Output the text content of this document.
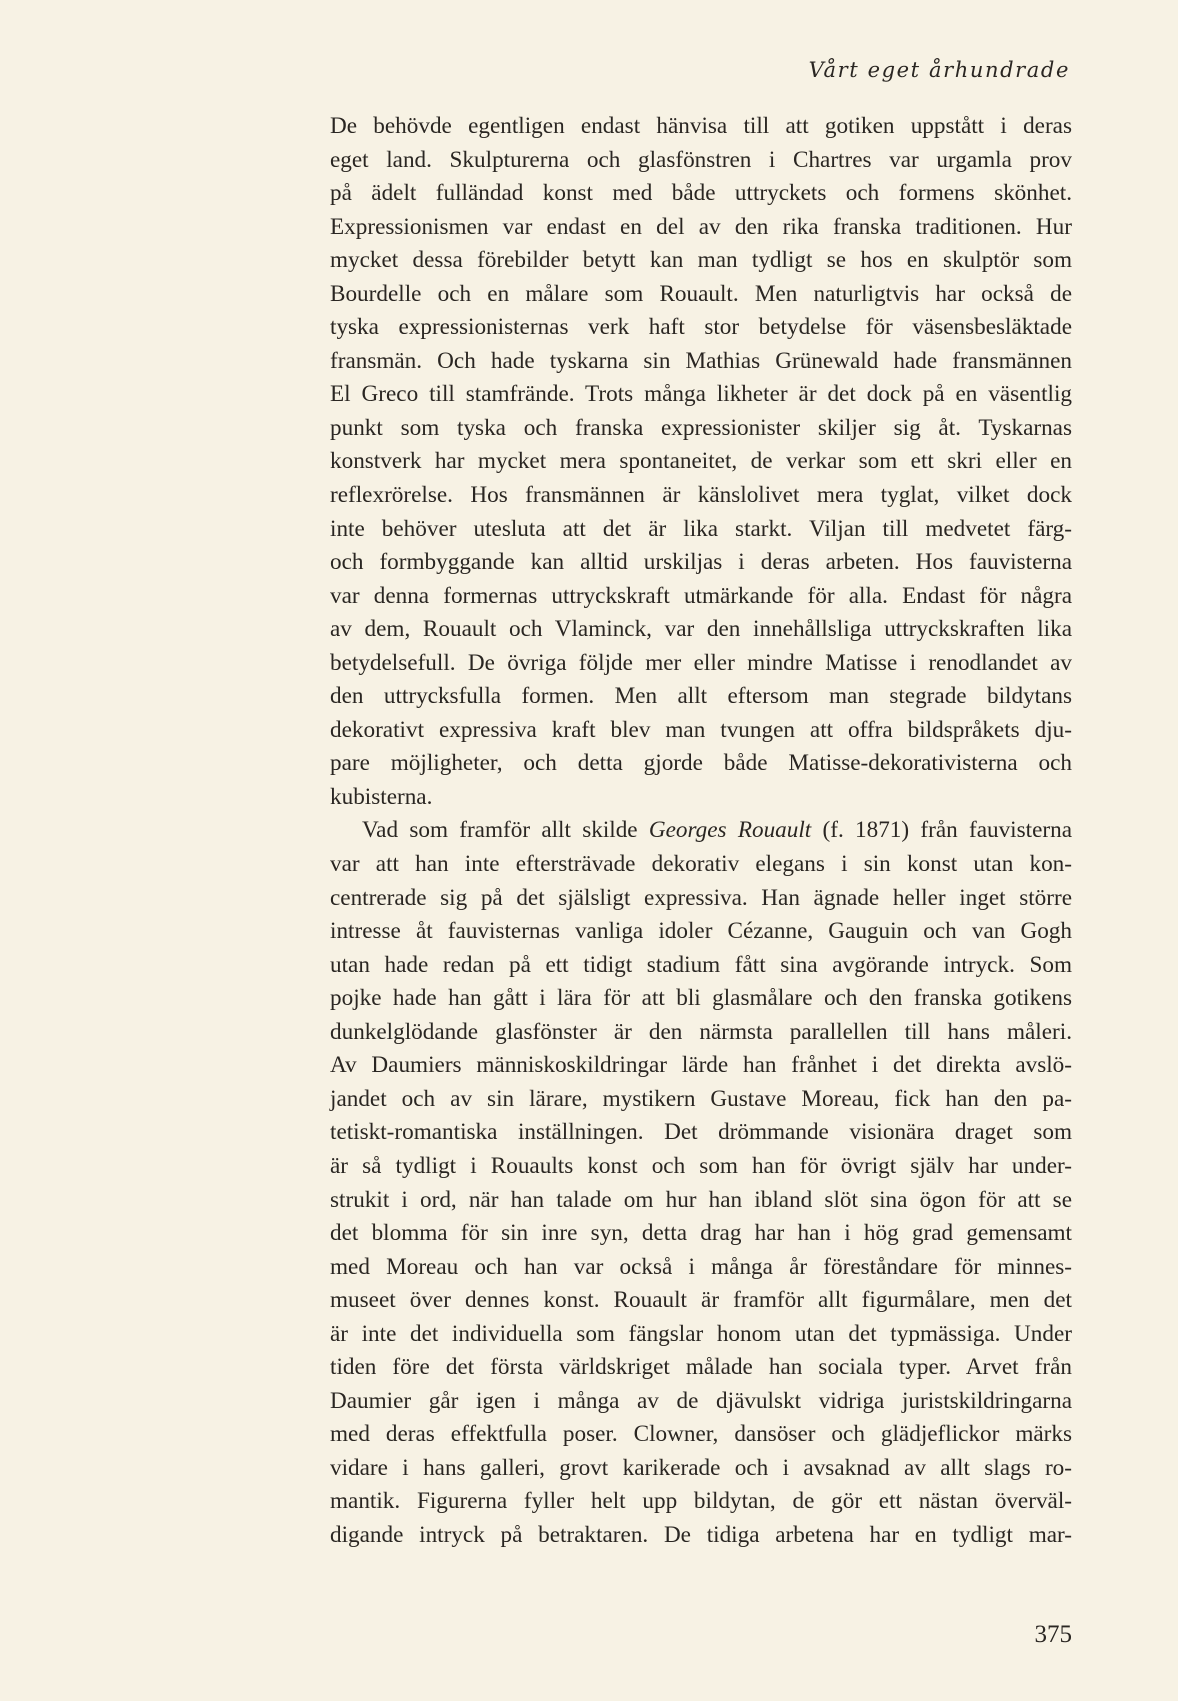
Vårt eget århundrade
De behövde egentligen endast hänvisa till att gotiken uppstått i deras
eget land. Skulpturerna och glasfönstren i Chartres var urgamla prov
på ädelt fulländad konst med både uttryckets och formens skönhet.
Expressionismen var endast en del av den rika franska traditionen. Hur
mycket dessa förebilder betytt kan man tydligt se hos en skulptör som
Bourdelle och en målare som Rouault. Men naturligtvis har också de
tyska expressionisternas verk haft stor betydelse för väsensbesläktade
fransmän. Och hade tyskarna sin Mathias Grünewald hade fransmännen
El Greco till stamfrände. Trots många likheter är det dock på en väsentlig
punkt som tyska och franska expressionister skiljer sig åt. Tyskarnas
konstverk har mycket mera spontaneitet, de verkar som ett skri eller en
reflexrörelse. Hos fransmännen är känslolivet mera tyglat, vilket dock
inte behöver utesluta att det är lika starkt. Viljan till medvetet färg-
och formbyggande kan alltid urskiljas i deras arbeten. Hos fauvisterna
var denna formernas uttryckskraft utmärkande för alla. Endast för några
av dem, Rouault och Vlaminck, var den innehållsliga uttryckskraften lika
betydelsefull. De övriga följde mer eller mindre Matisse i renodlandet av
den uttrycksfulla formen. Men allt eftersom man stegrade bildytans
dekorativt expressiva kraft blev man tvungen att offra bildspråkets dju-
pare möjligheter, och detta gjorde både Matisse-dekorativisterna och
kubisterna.
Vad som framför allt skilde Georges Rouault (f. 1871) från fauvisterna
var att han inte eftersträvade dekorativ elegans i sin konst utan kon-
centrerade sig på det själsligt expressiva. Han ägnade heller inget större
intresse åt fauvisternas vanliga idoler Cézanne, Gauguin och van Gogh
utan hade redan på ett tidigt stadium fått sina avgörande intryck. Som
pojke hade han gått i lära för att bli glasmålare och den franska gotikens
dunkelglödande glasfönster är den närmsta parallellen till hans måleri.
Av Daumiers människoskildringar lärde han frånhet i det direkta avslö-
jandet och av sin lärare, mystikern Gustave Moreau, fick han den pa-
tetiskt-romantiska inställningen. Det drömmande visionära draget som
är så tydligt i Rouaults konst och som han för övrigt själv har under-
strukit i ord, när han talade om hur han ibland slöt sina ögon för att se
det blomma för sin inre syn, detta drag har han i hög grad gemensamt
med Moreau och han var också i många år föreståndare för minnes-
museet över dennes konst. Rouault är framför allt figurmålare, men det
är inte det individuella som fängslar honom utan det typmässiga. Under
tiden före det första världskriget målade han sociala typer. Arvet från
Daumier går igen i många av de djävulskt vidriga juristskildringarna
med deras effektfulla poser. Clowner, dansöser och glädjeflickor märks
vidare i hans galleri, grovt karikerade och i avsaknad av allt slags ro-
mantik. Figurerna fyller helt upp bildytan, de gör ett nästan överväl-
digande intryck på betraktaren. De tidiga arbetena har en tydligt mar-
375
